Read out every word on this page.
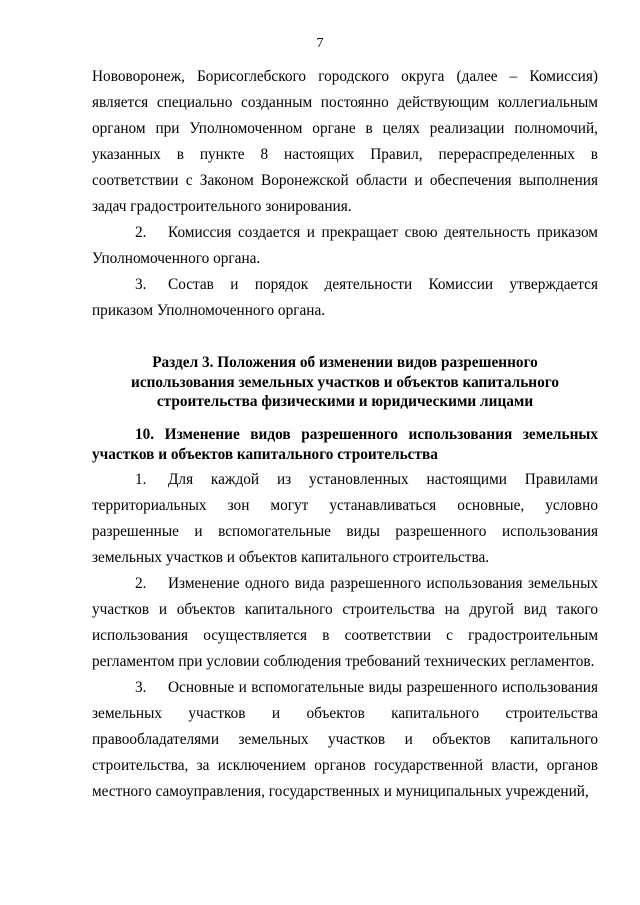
7

Нововоронеж, Борисоглебского городского округа (далее – Комиссия) является специально созданным постоянно действующим коллегиальным органом при Уполномоченном органе в целях реализации полномочий, указанных в пункте 8 настоящих Правил, перераспределенных в соответствии с Законом Воронежской области и обеспечения выполнения задач градостроительного зонирования.

2. Комиссия создается и прекращает свою деятельность приказом Уполномоченного органа.

3. Состав и порядок деятельности Комиссии утверждается приказом Уполномоченного органа.

Раздел 3. Положения об изменении видов разрешенного
использования земельных участков и объектов капитального
строительства физическими и юридическими лицами
10. Изменение видов разрешенного использования земельных участков и объектов капитального строительства

1. Для каждой из установленных настоящими Правилами территориальных зон могут устанавливаться основные, условно разрешенные и вспомогательные виды разрешенного использования земельных участков и объектов капитального строительства.

2. Изменение одного вида разрешенного использования земельных участков и объектов капитального строительства на другой вид такого использования осуществляется в соответствии с градостроительным регламентом при условии соблюдения требований технических регламентов.

3. Основные и вспомогательные виды разрешенного использования земельных участков и объектов капитального строительства правообладателями земельных участков и объектов капитального строительства, за исключением органов государственной власти, органов местного самоуправления, государственных и муниципальных учреждений,
